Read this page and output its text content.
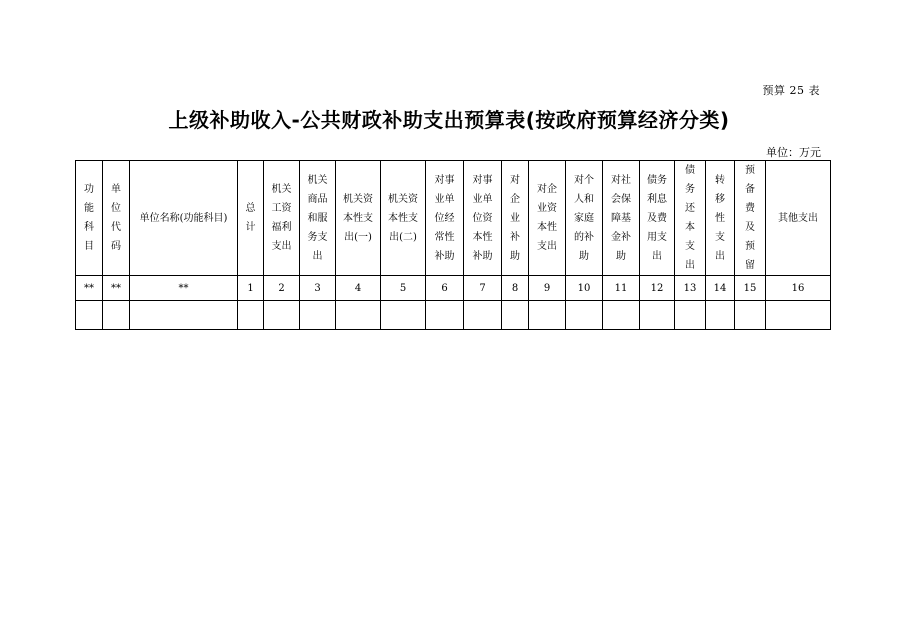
预算 25 表
上级补助收入-公共财政补助支出预算表(按政府预算经济分类)
单位：万元
功能科目	单位代码	单位名称(功能科目)	总计	机关工资福利支出	机关商品和服务支出	机关资本性支出(一)	机关资本性支出(二)	对事业单位经常性补助	对事业单位资本性补助	对企业补助	对企业资本性支出	对个人和家庭的补助	对社会保障基金补助	债务利息及费用支出	债务还本支出	转移性支出	预备费及预留	其他支出
**	**	**	1	2	3	4	5	6	7	8	9	10	11	12	13	14	15	16
